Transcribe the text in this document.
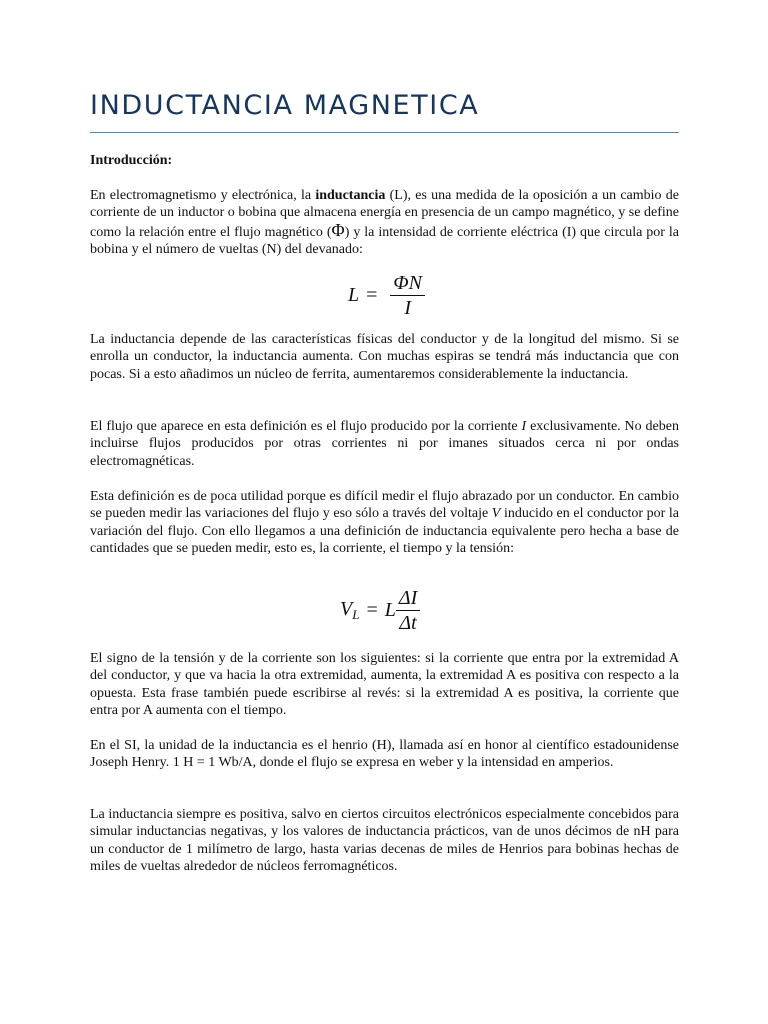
INDUCTANCIA MAGNETICA

Introducción:

En electromagnetismo y electrónica, la inductancia (L), es una medida de la oposición a un cambio de corriente de un inductor o bobina que almacena energía en presencia de un campo magnético, y se define como la relación entre el flujo magnético (Φ) y la intensidad de corriente eléctrica (I) que circula por la bobina y el número de vueltas (N) del devanado:

$L = \frac{\Phi N}{I}$

La inductancia depende de las características físicas del conductor y de la longitud del mismo. Si se enrolla un conductor, la inductancia aumenta. Con muchas espiras se tendrá más inductancia que con pocas. Si a esto añadimos un núcleo de ferrita, aumentaremos considerablemente la inductancia.

El flujo que aparece en esta definición es el flujo producido por la corriente I exclusivamente. No deben incluirse flujos producidos por otras corrientes ni por imanes situados cerca ni por ondas electromagnéticas.

Esta definición es de poca utilidad porque es difícil medir el flujo abrazado por un conductor. En cambio se pueden medir las variaciones del flujo y eso sólo a través del voltaje V inducido en el conductor por la variación del flujo. Con ello llegamos a una definición de inductancia equivalente pero hecha a base de cantidades que se pueden medir, esto es, la corriente, el tiempo y la tensión:

$V_L = L \frac{\Delta I}{\Delta t}$

El signo de la tensión y de la corriente son los siguientes: si la corriente que entra por la extremidad A del conductor, y que va hacia la otra extremidad, aumenta, la extremidad A es positiva con respecto a la opuesta. Esta frase también puede escribirse al revés: si la extremidad A es positiva, la corriente que entra por A aumenta con el tiempo.

En el SI, la unidad de la inductancia es el henrio (H), llamada así en honor al científico estadounidense Joseph Henry. 1 H = 1 Wb/A, donde el flujo se expresa en weber y la intensidad en amperios.

La inductancia siempre es positiva, salvo en ciertos circuitos electrónicos especialmente concebidos para simular inductancias negativas, y los valores de inductancia prácticos, van de unos décimos de nH para un conductor de 1 milímetro de largo, hasta varias decenas de miles de Henrios para bobinas hechas de miles de vueltas alrededor de núcleos ferromagnéticos.
